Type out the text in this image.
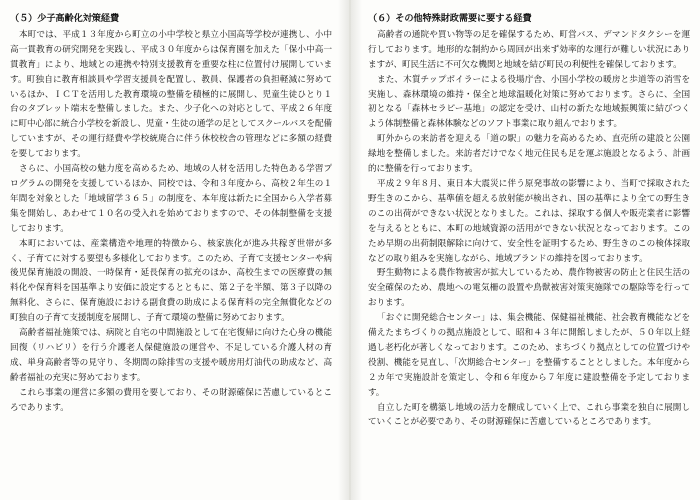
（５）少子高齢化対策経費

本町では、平成１３年度から町立の小中学校と県立小国高等学校が連携し、小中高一貫教育の研究開発を実践し、平成３０年度からは保育園を加えた「保小中高一貫教育」により、地域との連携や特別支援教育を重要な柱に位置付け展開しています。町独自に教育相談員や学習支援員を配置し、教員、保護者の負担軽減に努めているほか、ＩＣＴを活用した教育環境の整備を積極的に展開し、児童生徒ひとり１台のタブレット端末を整備しました。また、少子化への対応として、平成２６年度に町中心部に統合小学校を新設し、児童・生徒の通学の足としてスクールバスを配備していますが、その運行経費や学校統廃合に伴う休校校舎の管理などに多額の経費を要しております。

さらに、小国高校の魅力度を高めるため、地域の人材を活用した特色ある学習プログラムの開発を支援しているほか、同校では、令和３年度から、高校２年生の１年間を対象とした「地域留学３６５」の制度を、本年度は新たに全国から入学者募集を開始し、あわせて１０名の受入れを始めておりますので、その体制整備を支援しております。

本町においては、産業構造や地理的特徴から、核家族化が進み共稼ぎ世帯が多く、子育てに対する要望も多様化しております。このため、子育て支援センターや病後児保育施設の開設、一時保育・延長保育の拡充のほか、高校生までの医療費の無料化や保育料を国基準より安価に設定するとともに、第２子を半額、第３子以降の無料化、さらに、保育施設における副食費の助成による保育料の完全無償化などの町独自の子育て支援制度を展開し、子育て環境の整備に努めております。

高齢者福祉施策では、病院と自宅の中間施設として在宅復帰に向けた心身の機能回復（リハビリ）を行う介護老人保健施設の運営や、不足している介護人材の育成、単身高齢者等の見守り、冬期間の除排雪の支援や暖房用灯油代の助成など、高齢者福祉の充実に努めております。

これら事業の運営に多額の費用を要しており、その財源確保に苦慮しているところであります。

（６）その他特殊財政需要に要する経費

高齢者の通院や買い物等の足を確保するため、町営バス、デマンドタクシーを運行しております。地形的な制約から周回が出来ず効率的な運行が難しい状況にありますが、町民生活に不可欠な機関と地域を結び町民の利便性を確保しております。

また、木質チップボイラーによる役場庁舎、小国小学校の暖房と歩道等の消雪を実施し、森林環境の維持・保全と地球温暖化対策に努めております。さらに、全国初となる「森林セラピー基地」の認定を受け、山村の新たな地域振興策に結びつくよう体制整備と森林体験などのソフト事業に取り組んでおります。

町外からの来訪者を迎える「道の駅」の魅力を高めるため、直売所の建設と公園緑地を整備しました。来訪者だけでなく地元住民も足を運ぶ施設となるよう、計画的に整備を行っております。

平成２９年８月、東日本大震災に伴う原発事故の影響により、当町で採取された野生きのこから、基準値を超える放射能が検出され、国の基準により全ての野生きのこの出荷ができない状況となりました。これは、採取する個人や販売業者に影響を与えるとともに、本町の地域資源の活用ができない状況となっております。このため早期の出荷制限解除に向けて、安全性を証明するため、野生きのこの検体採取などの取り組みを実施しながら、地域ブランドの維持を図っております。

野生動物による農作物被害が拡大しているため、農作物被害の防止と住民生活の安全確保のため、農地への電気柵の設置や鳥獣被害対策実施隊での駆除等を行っております。

「おぐに開発総合センター」は、集会機能、保健福祉機能、社会教育機能などを備えたまちづくりの拠点施設として、昭和４３年に開館しましたが、５０年以上経過し老朽化が著しくなっております。このため、まちづくり拠点としての位置づけや役割、機能を見直し、「次期総合センター」を整備することとしました。本年度から２カ年で実施設計を策定し、令和６年度から７年度に建設整備を予定しております。

自立した町を構築し地域の活力を醸成していく上で、これら事業を独自に展開していくことが必要であり、その財源確保に苦慮しているところであります。
